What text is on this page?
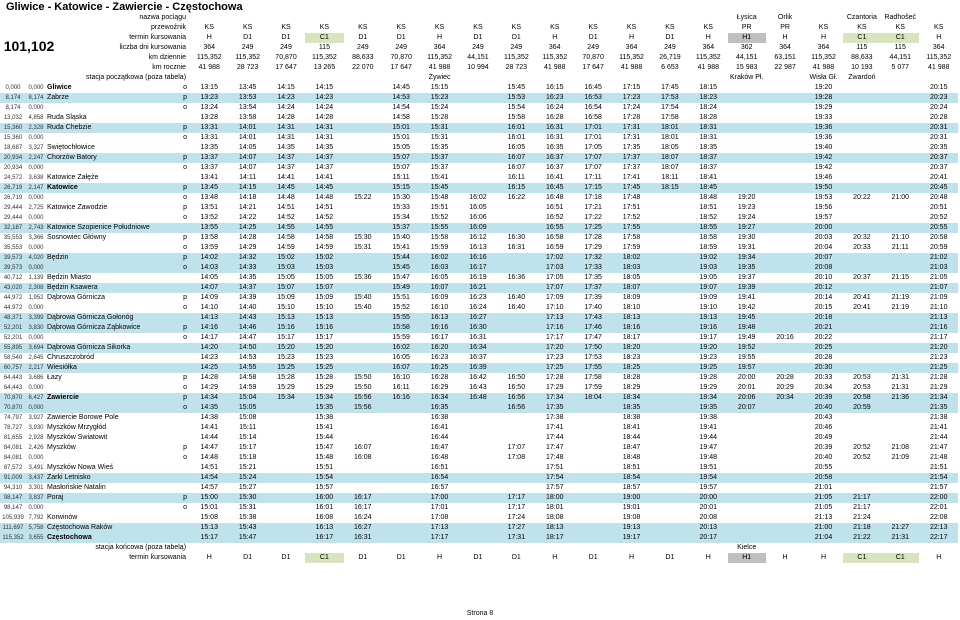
Gliwice - Katowice - Zawiercie - Częstochowa
101,102
nazwa pociągu																		Łysica	Orlik		Czantoria	Radhošeć	
przewoźnik				KŚ	KŚ	KŚ	KŚ	KŚ	KŚ	KŚ	KŚ	KŚ	KŚ	KŚ	KŚ	KŚ	KŚ	PR	PR	KŚ	KŚ	KŚ	KŚ
termin kursowania				H	D1	D1	C1	D1	D1	H	D1	D1	H	D1	H	D1	H	H1	H	H	C1	C1	H
liczba dni kursowania				364	249	249	115	249	249	364	249	249	364	249	364	249	364	362	364	364	115	115	364
km dziennie				115,352	115,352	70,870	115,352	88,633	70,870	115,352	44,151	115,352	115,352	70,870	115,352	26,719	115,352	44,151	63,151	115,352	88,633	44,151	115,352
km rocznie				41 988	28 723	17 647	13 265	22 070	17 647	41 988	10 994	28 723	41 988	17 647	41 988	6 653	41 988	15 983	22 987	41 988	10 193	5 077	41 988
stacja początkowa (poza tabela)										Żywiec								Kraków Pł.		Wisła Gł.	Zwardoń		
0,000	0,000	Gliwice	o	13:15	13:45	14:15	14:15		14:45	15:15		15:45	16:15	16:45	17:15	17:45	18:15			19:20			20:15
8,174	8,174	Zabrze	p	13:23	13:53	14:23	14:23		14:53	15:23		15:53	16:23	16:53	17:23	17:53	18:23			19:28			20:23
8,174	0,000		o	13:24	13:54	14:24	14:24		14:54	15:24		15:54	16:24	16:54	17:24	17:54	18:24			19:29			20:24
13,032	4,858	Ruda Śląska		13:28	13:58	14:28	14:28		14:58	15:28		15:58	16:28	16:58	17:28	17:58	18:28			19:33			20:28
15,360	2,328	Ruda Chebzie	p	13:31	14:01	14:31	14:31		15:01	15:31		16:01	16:31	17:01	17:31	18:01	18:31			19:36			20:31
15,360	0,000		o	13:31	14:01	14:31	14:31		15:01	15:31		16:01	16:31	17:01	17:31	18:01	18:31			19:36			20:31
18,687	3,327	Świętochłowice		13:35	14:05	14:35	14:35		15:05	15:35		16:05	16:35	17:05	17:35	18:05	18:35			19:40			20:35
20,934	2,247	Chorzów Batory	p	13:37	14:07	14:37	14:37		15:07	15:37		16:07	16:37	17:07	17:37	18:07	18:37			19:42			20:37
20,934	0,000		o	13:37	14:07	14:37	14:37		15:07	15:37		16:07	16:37	17:07	17:37	18:07	18:37			19:42			20:37
24,572	3,638	Katowice Załęże		13:41	14:11	14:41	14:41		15:11	15:41		16:11	16:41	17:11	17:41	18:11	18:41			19:46			20:41
26,719	2,147	Katowice	p	13:45	14:15	14:45	14:45		15:15	15:45		16:15	16:45	17:15	17:45	18:15	18:45			19:50			20:45
26,719	0,000		o	13:48	14:18	14:48	14:48	15:22	15:30	15:48	16:02	16:22	16:48	17:18	17:48		18:48	19:20		19:53	20:22	21:00	20:48
29,444	2,725	Katowice Zawodzie	p	13:51	14:21	14:51	14:51		15:33	15:51	16:05		16:51	17:21	17:51		18:51	19:23		19:56			20:51
29,444	0,000		o	13:52	14:22	14:52	14:52		15:34	15:52	16:06		16:52	17:22	17:52		18:52	19:24		19:57			20:52
32,187	2,743	Katowice Szopienice Południowe		13:55	14:25	14:55	14:55		15:37	15:55	16:09		16:55	17:25	17:55		18:55	19:27		20:00			20:55
35,553	3,366	Sosnowiec Główny	p	13:58	14:28	14:58	14:58	15:30	15:40	15:58	16:12	16:30	16:58	17:28	17:58		18:58	19:30		20:03	20:32	21:10	20:58
35,553	0,000		o	13:59	14:29	14:59	14:59	15:31	15:41	15:59	16:13	16:31	16:59	17:29	17:59		18:59	19:31		20:04	20:33	21:11	20:59
39,573	4,020	Będzin	p	14:02	14:32	15:02	15:02		15:44	16:02	16:16		17:02	17:32	18:02		19:02	19:34		20:07			21:02
39,573	0,000		o	14:03	14:33	15:03	15:03		15:45	16:03	16:17		17:03	17:33	18:03		19:03	19:35		20:08			21:03
40,712	1,139	Będzin Miasto		14:05	14:35	15:05	15:05	15:36	15:47	16:05	16:19	16:36	17:05	17:35	18:05		19:05	19:37		20:10	20:37	21:15	21:05
43,020	2,308	Będzin Ksawera		14:07	14:37	15:07	15:07		15:49	16:07	16:21		17:07	17:37	18:07		19:07	19:39		20:12			21:07
44,972	1,952	Dąbrowa Górnicza	p	14:09	14:39	15:09	15:09	15:40	15:51	16:09	16:23	16:40	17:09	17:39	18:09		19:09	19:41		20:14	20:41	21:19	21:09
44,972	0,000		o	14:10	14:40	15:10	15:10	15:40	15:52	16:10	16:24	16:40	17:10	17:40	18:10		19:10	19:42		20:15	20:41	21:19	21:10
48,371	3,399	Dąbrowa Górnicza Gołonóg		14:13	14:43	15:13	15:13		15:55	16:13	16:27		17:13	17:43	18:13		19:13	19:45		20:18			21:13
52,201	3,830	Dąbrowa Górnicza Ząbkowice	p	14:16	14:46	15:16	15:16		15:58	16:16	16:30		17:16	17:46	18:16		19:16	19:48		20:21			21:16
52,201	0,000		o	14:17	14:47	15:17	15:17		15:59	16:17	16:31		17:17	17:47	18:17		19:17	19:49	20:16	20:22			21:17
55,895	3,694	Dąbrowa Górnicza Sikorka		14:20	14:50	15:20	15:20		16:02	16:20	16:34		17:20	17:50	18:20		19:20	19:52		20:25			21:20
58,540	2,645	Chruszczobród		14:23	14:53	15:23	15:23		16:05	16:23	16:37		17:23	17:53	18:23		19:23	19:55		20:28			21:23
60,757	2,217	Wiesiółka		14:25	14:55	15:25	15:25		16:07	16:25	16:39		17:25	17:55	18:25		19:25	19:57		20:30			21:25
64,443	3,686	Łazy	p	14:28	14:58	15:28	15:28	15:50	16:10	16:28	16:42	16:50	17:28	17:58	18:28		19:28	20:00	20:28	20:33	20:53	21:31	21:28
64,443	0,000		o	14:29	14:59	15:29	15:29	15:50	16:11	16:29	16:43	16:50	17:29	17:59	18:29		19:29	20:01	20:29	20:34	20:53	21:31	21:29
70,870	6,427	Zawiercie	p	14:34	15:04	15:34	15:34	15:56	16:16	16:34	16:48	16:56	17:34	18:04	18:34		19:34	20:06	20:34	20:39	20:58	21:36	21:34
70,870	0,000		o	14:35	15:05		15:35	15:56		16:35		16:56	17:35		18:35		19:35	20:07		20:40	20:59		21:35
74,797	3,927	Zawiercie Borowe Pole		14:38	15:08		15:38			16:38			17:38		18:38		19:38			20:43			21:38
78,727	3,930	Myszków Mrzygłód		14:41	15:11		15:41			16:41			17:41		18:41		19:41			20:46			21:41
81,655	2,928	Myszków Światowit		14:44	15:14		15:44			16:44			17:44		18:44		19:44			20:49			21:44
84,081	2,426	Myszków	p	14:47	15:17		15:47	16:07		16:47		17:07	17:47		18:47		19:47			20:39	20:52	21:08	21:47
84,081	0,000		o	14:48	15:18		15:48	16:08		16:48		17:08	17:48		18:48		19:48			20:40	20:52	21:09	21:48
87,572	3,491	Myszków Nowa Wieś		14:51	15:21		15:51			16:51			17:51		18:51		19:51			20:55			21:51
91,009	3,437	Żarki Letnisko		14:54	15:24		15:54			16:54			17:54		18:54		19:54			20:58			21:54
94,310	3,301	Masłońskie Natalin		14:57	15:27		15:57			16:57			17:57		18:57		19:57			21:01			21:57
98,147	3,837	Poraj	p	15:00	15:30		16:00	16:17		17:00		17:17	18:00		19:00		20:00			21:05	21:17		22:00
98,147	0,000		o	15:01	15:31		16:01	16:17		17:01		17:17	18:01		19:01		20:01			21:05	21:17		22:01
105,939	7,792	Korwinów		15:08	15:38		16:08	16:24		17:08		17:24	18:08		19:08		20:08			21:13	21:24		22:08
111,697	5,758	Częstochowa Raków		15:13	15:43		16:13	16:27		17:13		17:27	18:13		19:13		20:13			21:00	21:18	21:27	22:13
115,352	3,655	Częstochowa		15:17	15:47		16:17	16:31		17:17		17:31	18:17		19:17		20:17			21:04	21:22	21:31	22:17
stacja końcowa (poza tabelą)																		Kielce					
termin kursowania				H	D1	D1	C1	D1	D1	H	D1	D1	H	D1	H	D1	H	H1	H	H	C1	C1	H
Strona 8
